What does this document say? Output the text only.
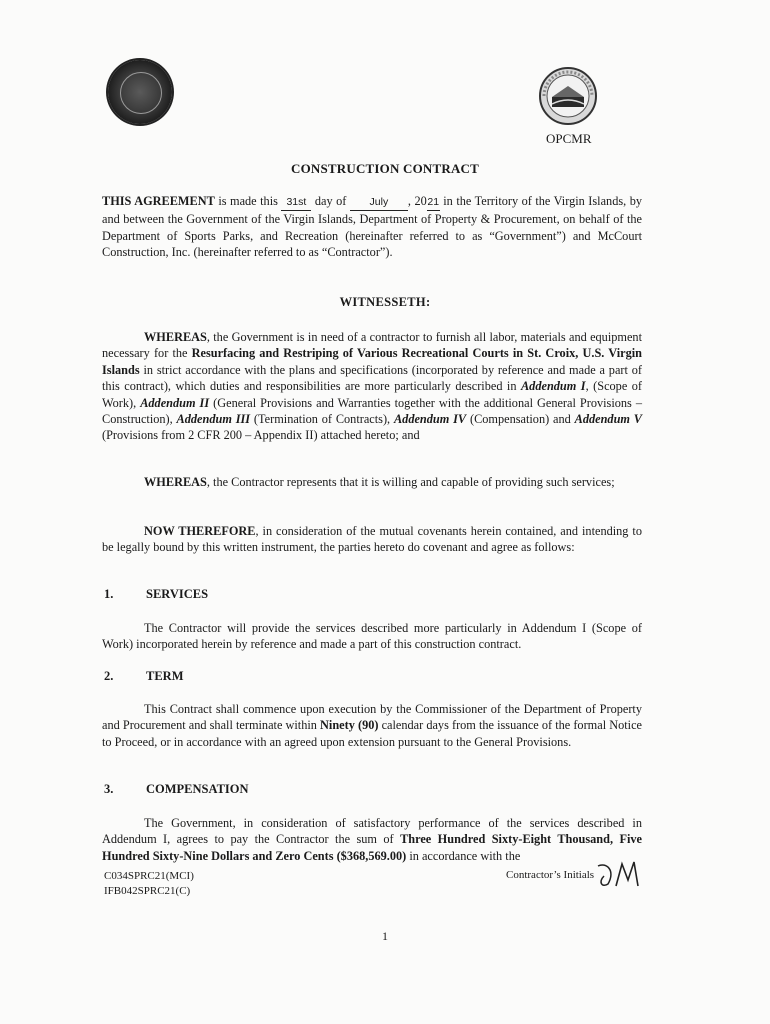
OPCMR
CONSTRUCTION CONTRACT
THIS AGREEMENT is made this 31st day of July , 2021 in the Territory of the Virgin Islands, by and between the Government of the Virgin Islands, Department of Property & Procurement, on behalf of the Department of Sports Parks, and Recreation (hereinafter referred to as “Government”) and McCourt Construction, Inc. (hereinafter referred to as “Contractor”).
WITNESSETH:
WHEREAS, the Government is in need of a contractor to furnish all labor, materials and equipment necessary for the Resurfacing and Restriping of Various Recreational Courts in St. Croix, U.S. Virgin Islands in strict accordance with the plans and specifications (incorporated by reference and made a part of this contract), which duties and responsibilities are more particularly described in Addendum I, (Scope of Work), Addendum II (General Provisions and Warranties together with the additional General Provisions – Construction), Addendum III (Termination of Contracts), Addendum IV (Compensation) and Addendum V (Provisions from 2 CFR 200 – Appendix II) attached hereto; and
WHEREAS, the Contractor represents that it is willing and capable of providing such services;
NOW THEREFORE, in consideration of the mutual covenants herein contained, and intending to be legally bound by this written instrument, the parties hereto do covenant and agree as follows:
1.	SERVICES
The Contractor will provide the services described more particularly in Addendum I (Scope of Work) incorporated herein by reference and made a part of this construction contract.
2.	TERM
This Contract shall commence upon execution by the Commissioner of the Department of Property and Procurement and shall terminate within Ninety (90) calendar days from the issuance of the formal Notice to Proceed, or in accordance with an agreed upon extension pursuant to the General Provisions.
3.	COMPENSATION
The Government, in consideration of satisfactory performance of the services described in Addendum I, agrees to pay the Contractor the sum of Three Hundred Sixty-Eight Thousand, Five Hundred Sixty-Nine Dollars and Zero Cents ($368,569.00) in accordance with the
C034SPRC21(MCI)
IFB042SPRC21(C)
Contractor’s Initials
1
